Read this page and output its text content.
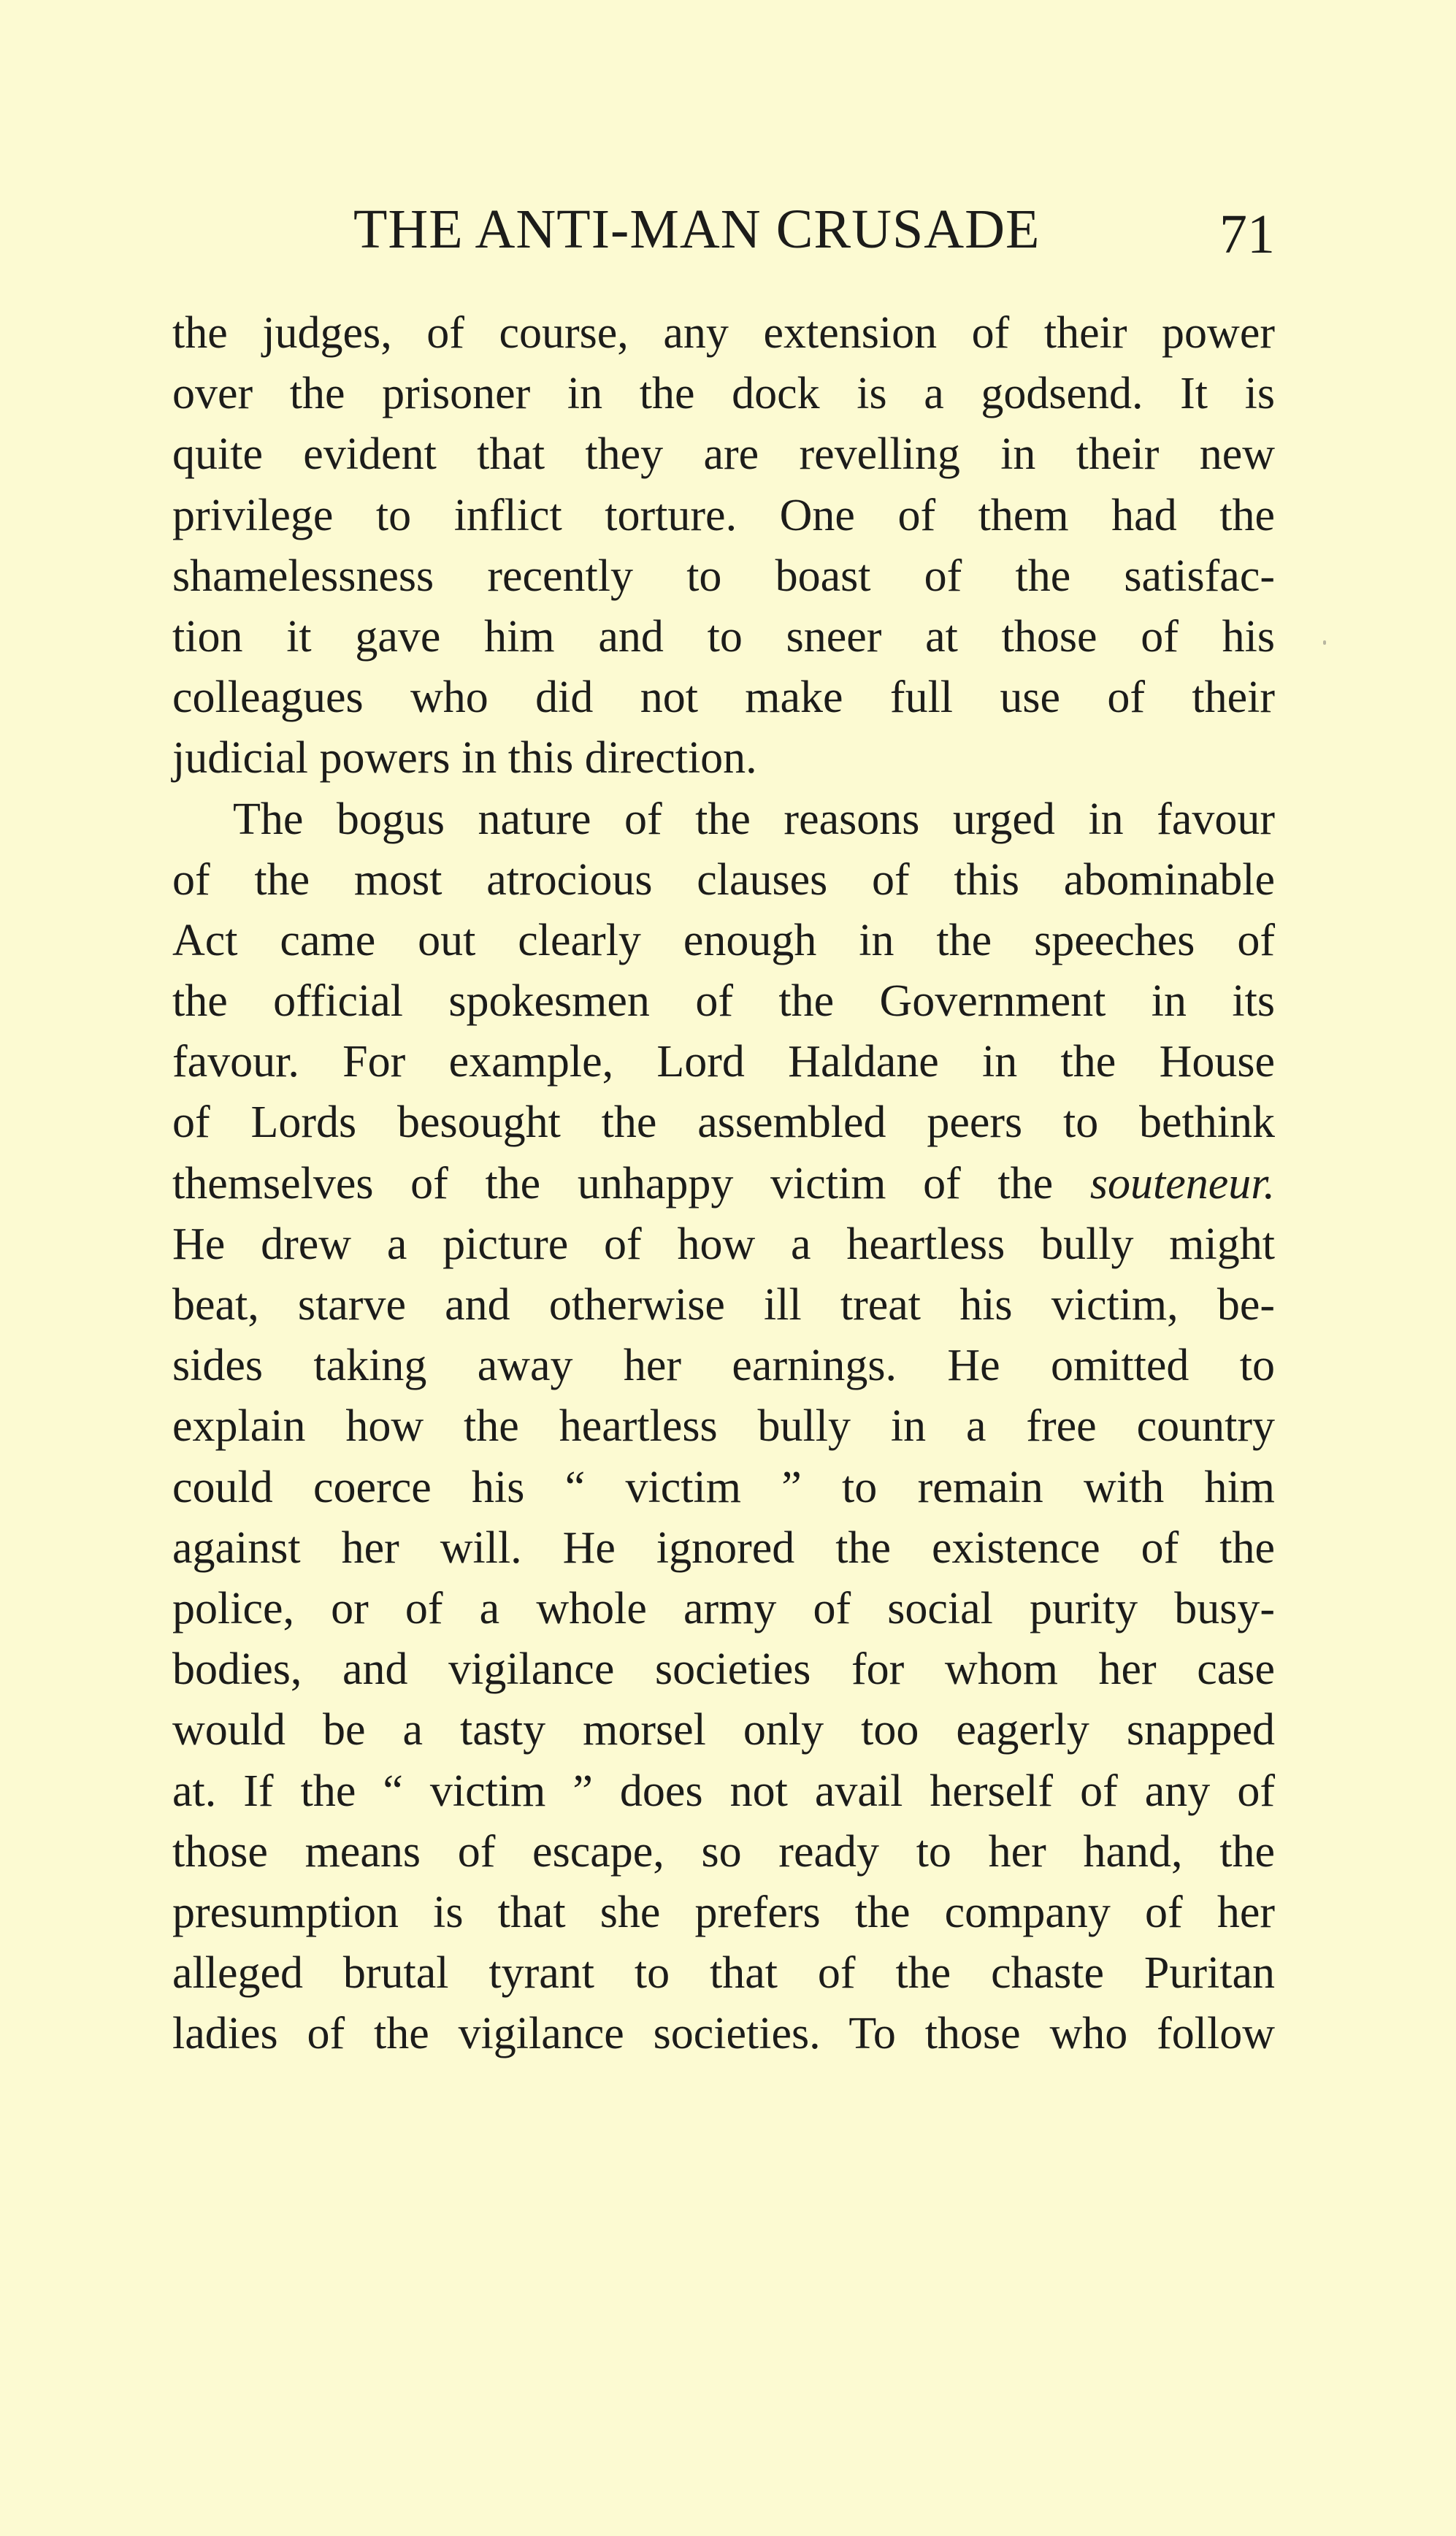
THE ANTI-MAN CRUSADE	71
the judges, of course, any extension of their power
over the prisoner in the dock is a godsend. It is
quite evident that they are revelling in their new
privilege to inflict torture. One of them had the
shamelessness recently to boast of the satisfac-
tion it gave him and to sneer at those of his
colleagues who did not make full use of their
judicial powers in this direction.
The bogus nature of the reasons urged in favour
of the most atrocious clauses of this abominable
Act came out clearly enough in the speeches of
the official spokesmen of the Government in its
favour. For example, Lord Haldane in the House
of Lords besought the assembled peers to bethink
themselves of the unhappy victim of the souteneur.
He drew a picture of how a heartless bully might
beat, starve and otherwise ill treat his victim, be-
sides taking away her earnings. He omitted to
explain how the heartless bully in a free country
could coerce his “ victim ” to remain with him
against her will. He ignored the existence of the
police, or of a whole army of social purity busy-
bodies, and vigilance societies for whom her case
would be a tasty morsel only too eagerly snapped
at. If the “ victim ” does not avail herself of any of
those means of escape, so ready to her hand, the
presumption is that she prefers the company of her
alleged brutal tyrant to that of the chaste Puritan
ladies of the vigilance societies. To those who follow
